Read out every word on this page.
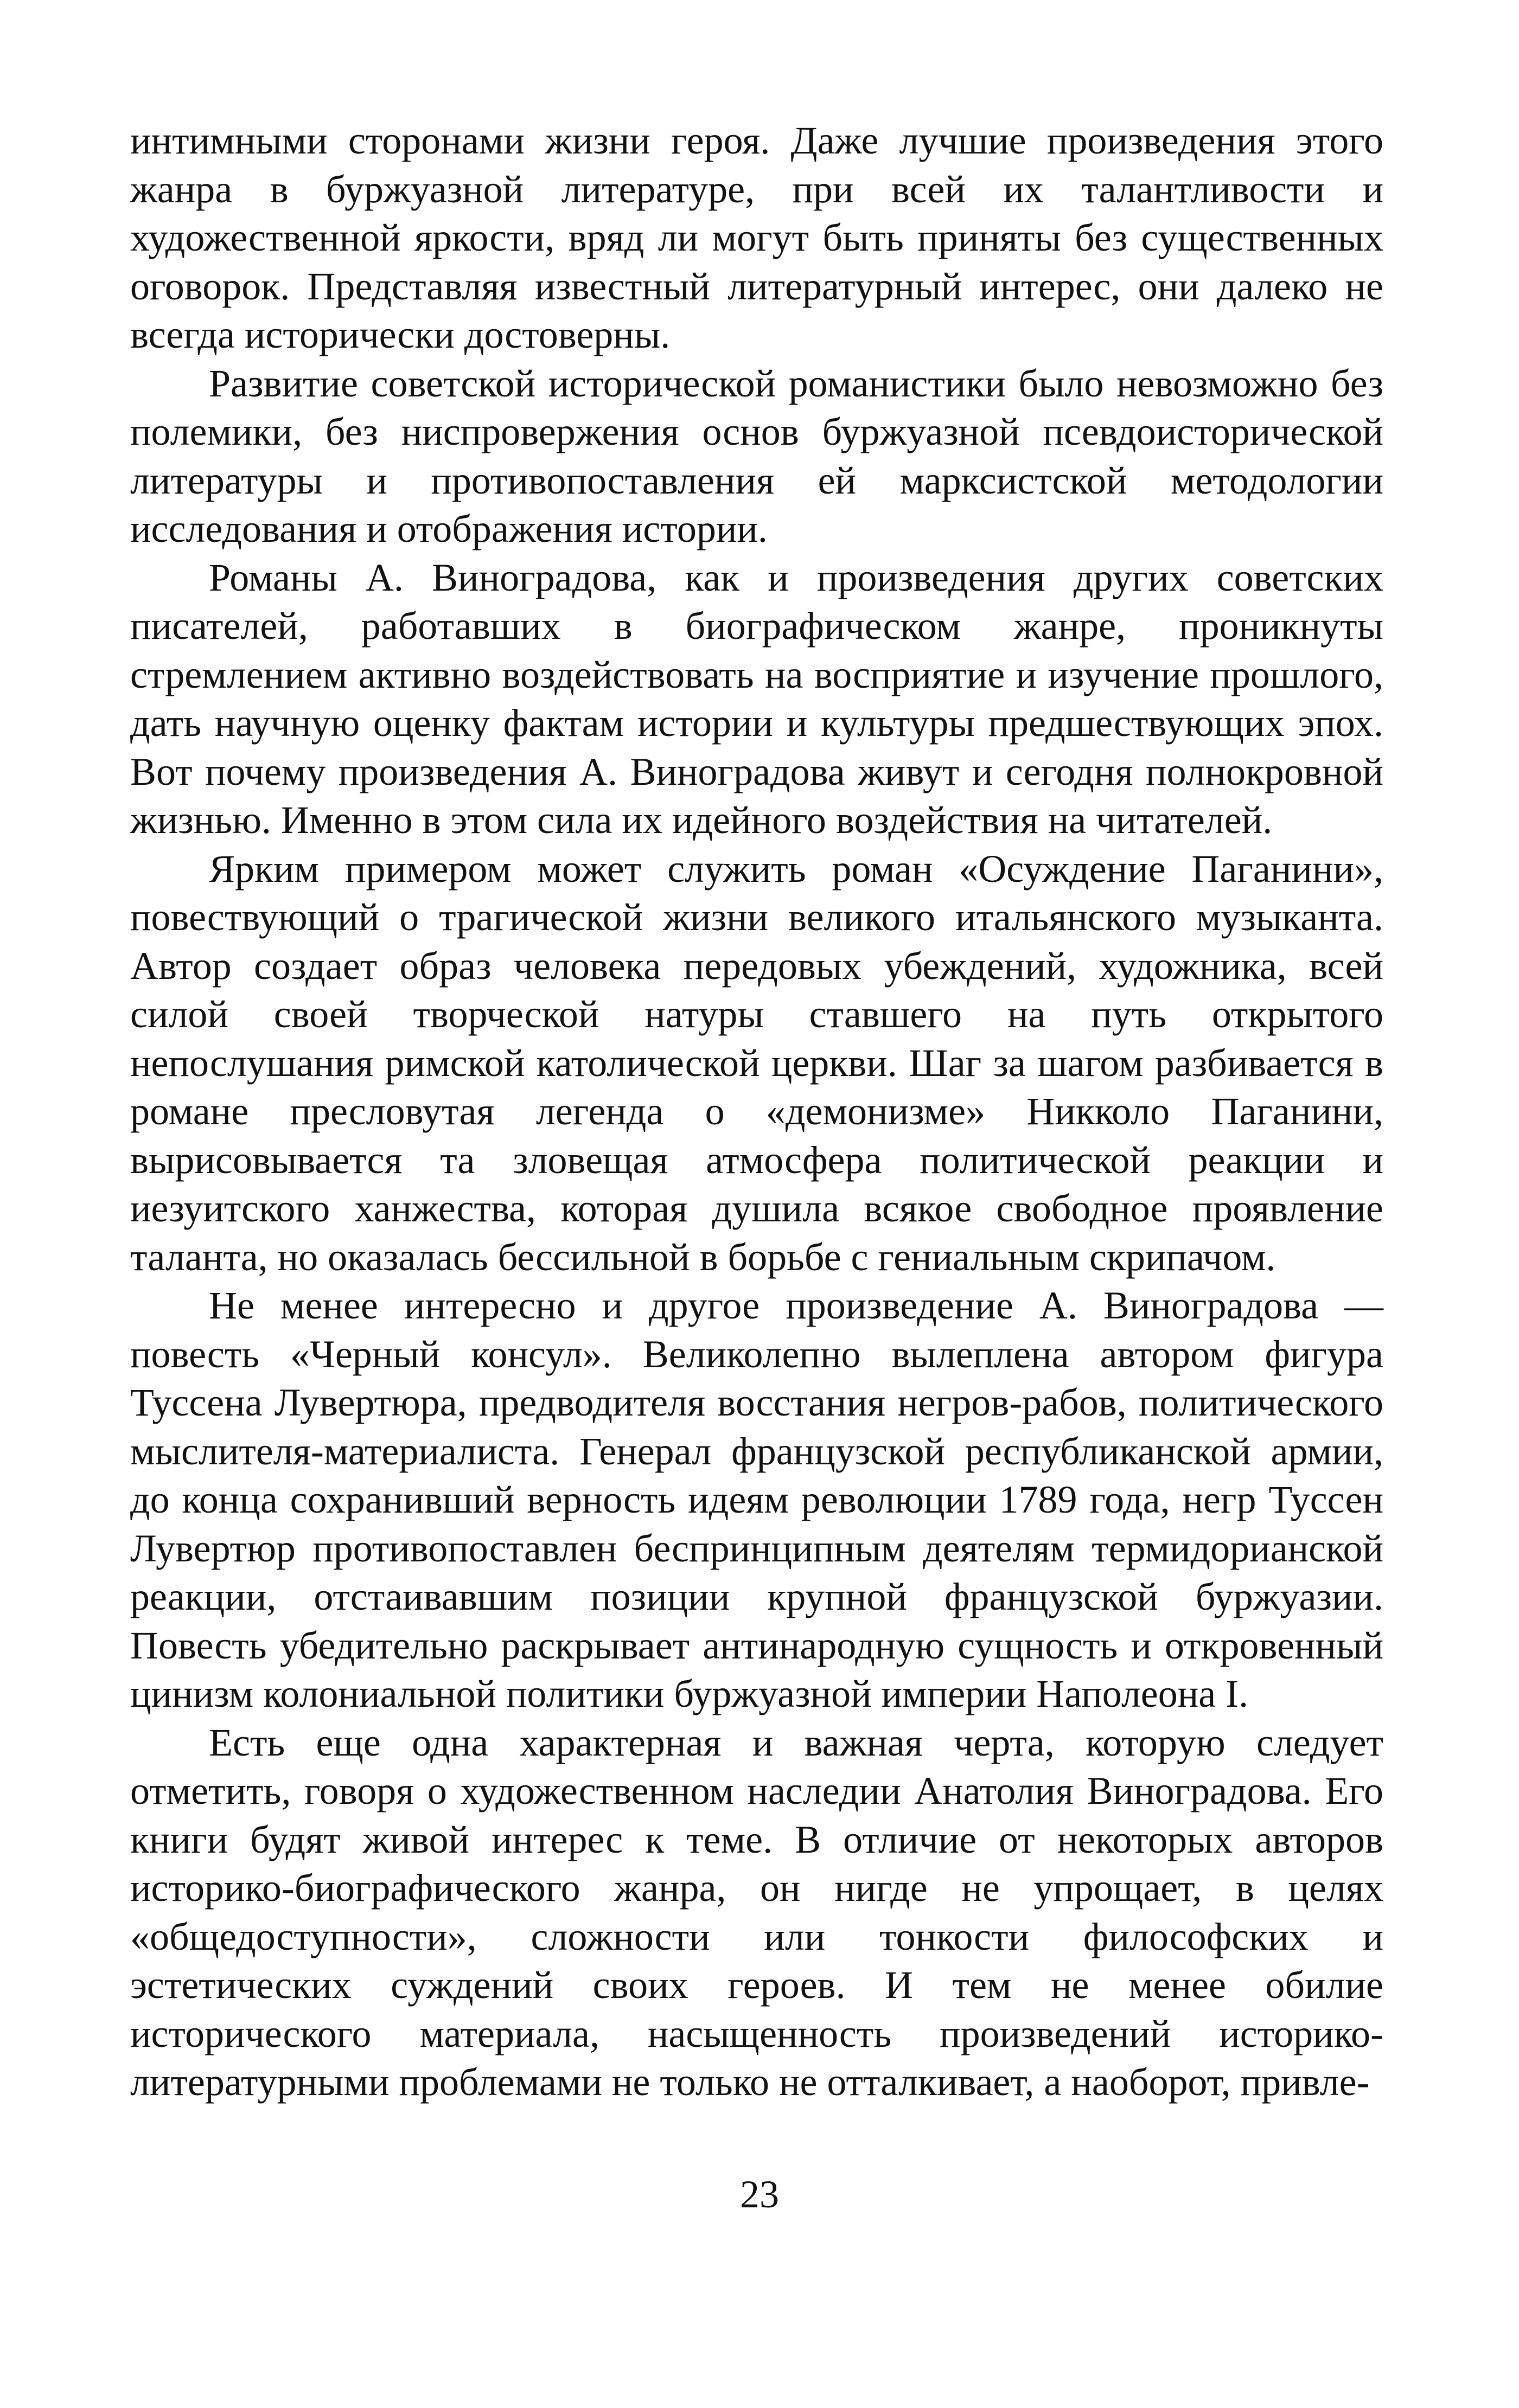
интимными сторонами жизни героя. Даже лучшие произведения этого жанра в буржуазной литературе, при всей их талантливости и художественной яркости, вряд ли могут быть приняты без существенных оговорок. Представляя известный литературный интерес, они далеко не всегда исторически достоверны.

Развитие советской исторической романистики было невозможно без полемики, без ниспровержения основ буржуазной псевдоисторической литературы и противопоставления ей марксистской методологии исследования и отображения истории.

Романы А. Виноградова, как и произведения других советских писателей, работавших в биографическом жанре, проникнуты стремлением активно воздействовать на восприятие и изучение прошлого, дать научную оценку фактам истории и культуры предшествующих эпох. Вот почему произведения А. Виноградова живут и сегодня полнокровной жизнью. Именно в этом сила их идейного воздействия на читателей.

Ярким примером может служить роман «Осуждение Паганини», повествующий о трагической жизни великого итальянского музыканта. Автор создает образ человека передовых убеждений, художника, всей силой своей творческой натуры ставшего на путь открытого непослушания римской католической церкви. Шаг за шагом разбивается в романе пресловутая легенда о «демонизме» Никколо Паганини, вырисовывается та зловещая атмосфера политической реакции и иезуитского ханжества, которая душила всякое свободное проявление таланта, но оказалась бессильной в борьбе с гениальным скрипачом.

Не менее интересно и другое произведение А. Виноградова — повесть «Черный консул». Великолепно вылеплена автором фигура Туссена Лувертюра, предводителя восстания негров-рабов, политического мыслителя-материалиста. Генерал французской республиканской армии, до конца сохранивший верность идеям революции 1789 года, негр Туссен Лувертюр противопоставлен беспринципным деятелям термидорианской реакции, отстаивавшим позиции крупной французской буржуазии. Повесть убедительно раскрывает антинародную сущность и откровенный цинизм колониальной политики буржуазной империи Наполеона I.

Есть еще одна характерная и важная черта, которую следует отметить, говоря о художественном наследии Анатолия Виноградова. Его книги будят живой интерес к теме. В отличие от некоторых авторов историко-биографического жанра, он нигде не упрощает, в целях «общедоступности», сложности или тонкости философских и эстетических суждений своих героев. И тем не менее обилие исторического материала, насыщенность произведений историко-литературными проблемами не только не отталкивает, а наоборот, привле-

23
